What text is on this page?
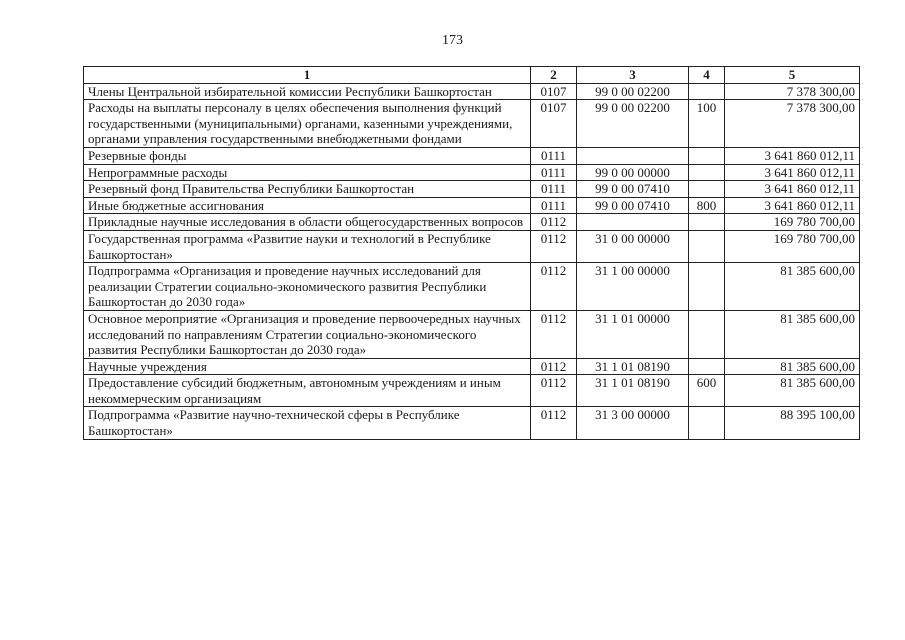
173
1	2	3	4	5
Члены Центральной избирательной комиссии Республики Башкортостан	0107	99 0 00 02200		7 378 300,00
Расходы на выплаты персоналу в целях обеспечения выполнения функций государственными (муниципальными) органами, казенными учреждениями, органами управления государственными внебюджетными фондами	0107	99 0 00 02200	100	7 378 300,00
Резервные фонды	0111			3 641 860 012,11
Непрограммные расходы	0111	99 0 00 00000		3 641 860 012,11
Резервный фонд Правительства Республики Башкортостан	0111	99 0 00 07410		3 641 860 012,11
Иные бюджетные ассигнования	0111	99 0 00 07410	800	3 641 860 012,11
Прикладные научные исследования в области общегосударственных вопросов	0112			169 780 700,00
Государственная программа «Развитие науки и технологий в Республике Башкортостан»	0112	31 0 00 00000		169 780 700,00
Подпрограмма «Организация и проведение научных исследований для реализации Стратегии социально-экономического развития Республики Башкортостан до 2030 года»	0112	31 1 00 00000		81 385 600,00
Основное мероприятие «Организация и проведение первоочередных научных исследований по направлениям Стратегии социально-экономического развития Республики Башкортостан до 2030 года»	0112	31 1 01 00000		81 385 600,00
Научные учреждения	0112	31 1 01 08190		81 385 600,00
Предоставление субсидий бюджетным, автономным учреждениям и иным некоммерческим организациям	0112	31 1 01 08190	600	81 385 600,00
Подпрограмма «Развитие научно-технической сферы в Республике Башкортостан»	0112	31 3 00 00000		88 395 100,00
